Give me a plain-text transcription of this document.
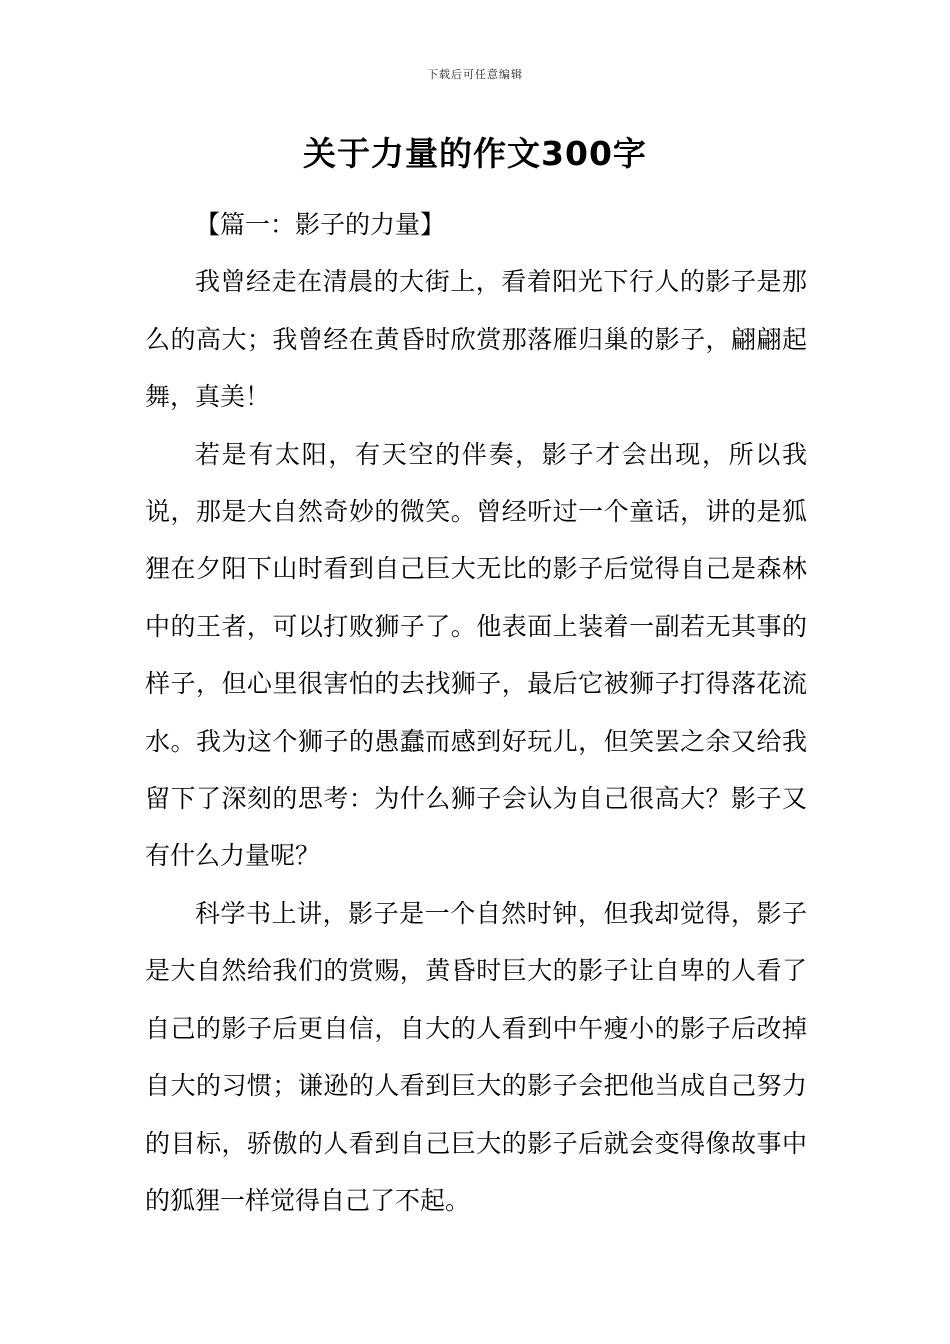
下载后可任意编辑
关于力量的作文300字

【篇一：影子的力量】

我曾经走在清晨的大街上，看着阳光下行人的影子是那么的高大；我曾经在黄昏时欣赏那落雁归巢的影子，翩翩起舞，真美！

若是有太阳，有天空的伴奏，影子才会出现，所以我说，那是大自然奇妙的微笑。曾经听过一个童话，讲的是狐狸在夕阳下山时看到自己巨大无比的影子后觉得自己是森林中的王者，可以打败狮子了。他表面上装着一副若无其事的样子，但心里很害怕的去找狮子，最后它被狮子打得落花流水。我为这个狮子的愚蠢而感到好玩儿，但笑罢之余又给我留下了深刻的思考：为什么狮子会认为自己很高大？影子又有什么力量呢？

科学书上讲，影子是一个自然时钟，但我却觉得，影子是大自然给我们的赏赐，黄昏时巨大的影子让自卑的人看了自己的影子后更自信，自大的人看到中午瘦小的影子后改掉自大的习惯；谦逊的人看到巨大的影子会把他当成自己努力的目标，骄傲的人看到自己巨大的影子后就会变得像故事中的狐狸一样觉得自己了不起。
